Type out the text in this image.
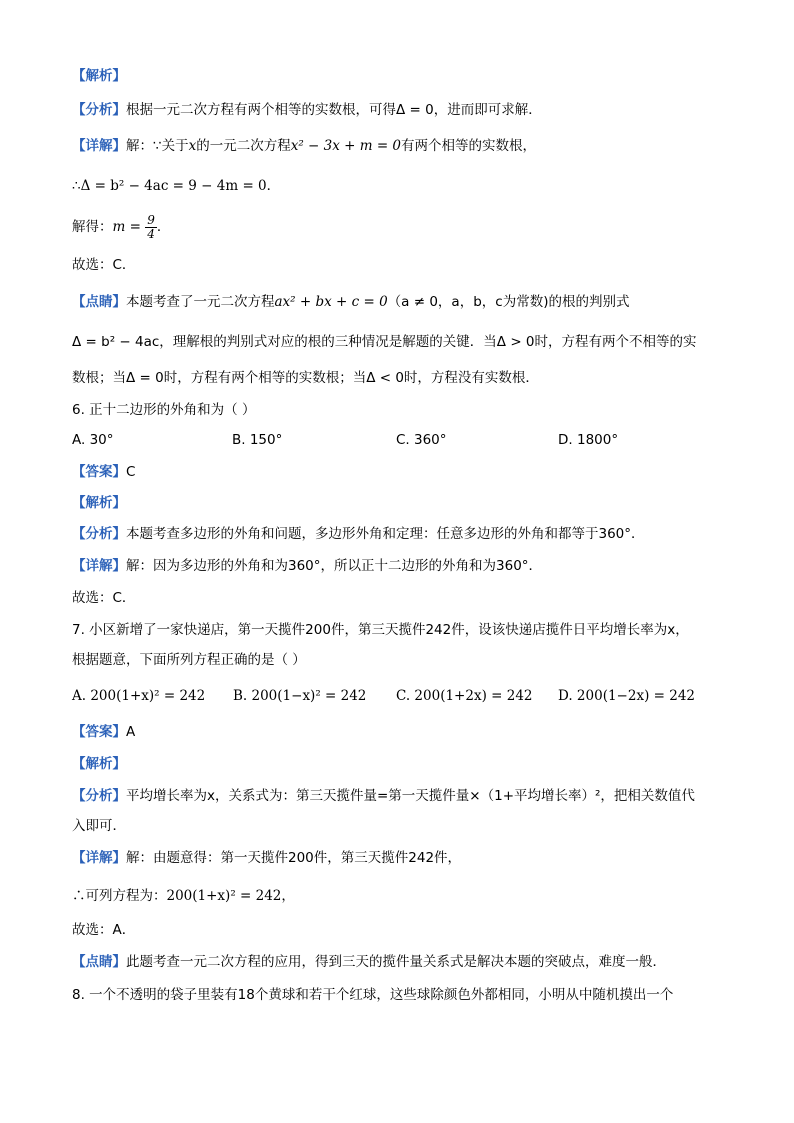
【解析】
【分析】根据一元二次方程有两个相等的实数根，可得Δ = 0，进而即可求解．
【详解】解：∵关于x的一元二次方程x² − 3x + m = 0有两个相等的实数根，
∴Δ = b² − 4ac = 9 − 4m = 0．
解得：$m = \frac{9}{4}$ ．
故选：C．
【点睛】本题考查了一元二次方程ax² + bx + c = 0（a ≠ 0，a，b，c为常数)的根的判别式
Δ = b² − 4ac，理解根的判别式对应的根的三种情况是解题的关键．当Δ > 0时，方程有两个不相等的实
数根；当Δ = 0时，方程有两个相等的实数根；当Δ < 0时，方程没有实数根．
6. 正十二边形的外角和为（ ）
A. 30°	B. 150°	C. 360°	D. 1800°
【答案】C
【解析】
【分析】本题考查多边形的外角和问题，多边形外角和定理：任意多边形的外角和都等于360°．
【详解】解：因为多边形的外角和为360°，所以正十二边形的外角和为360°．
故选：C．
7. 小区新增了一家快递店，第一天揽件200件，第三天揽件242件，设该快递店揽件日平均增长率为x，
根据题意，下面所列方程正确的是（ ）
A. 200(1+x)² = 242 B. 200(1−x)² = 242 C. 200(1+2x) = 242 D. 200(1−2x) = 242
【答案】A
【解析】
【分析】平均增长率为x，关系式为：第三天揽件量=第一天揽件量×（1+平均增长率）²，把相关数值代
入即可．
【详解】解：由题意得：第一天揽件200件，第三天揽件242件，
∴可列方程为：200(1+x)² = 242，
故选：A．
【点睛】此题考查一元二次方程的应用，得到三天的揽件量关系式是解决本题的突破点，难度一般．
8. 一个不透明的袋子里装有18个黄球和若干个红球，这些球除颜色外都相同，小明从中随机摸出一个
